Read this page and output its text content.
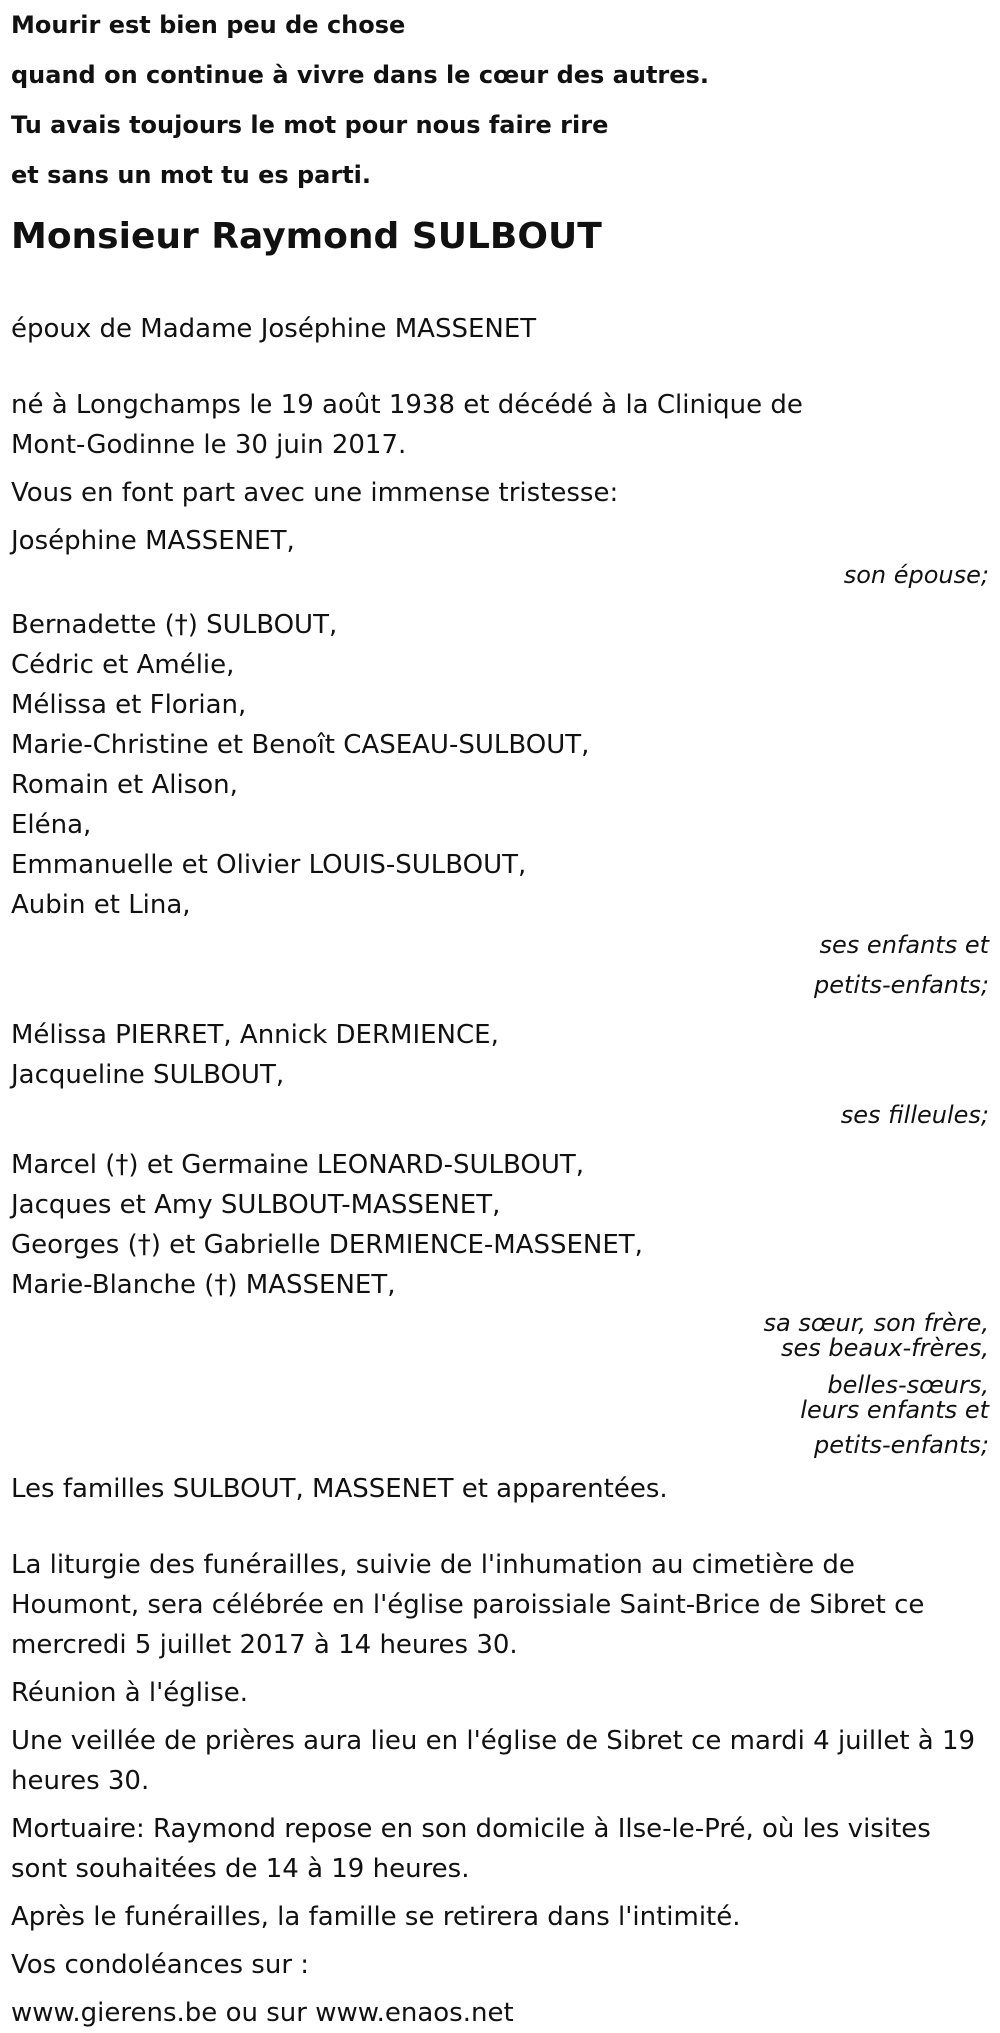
Mourir est bien peu de chose
quand on continue à vivre dans le cœur des autres.
Tu avais toujours le mot pour nous faire rire
et sans un mot tu es parti.
Monsieur Raymond SULBOUT
époux de Madame Joséphine MASSENET
né à Longchamps le 19 août 1938 et décédé à la Clinique de
Mont-Godinne le 30 juin 2017.
Vous en font part avec une immense tristesse:
Joséphine MASSENET,
son épouse;
Bernadette (†) SULBOUT,
Cédric et Amélie,
Mélissa et Florian,
Marie-Christine et Benoît CASEAU-SULBOUT,
Romain et Alison,
Eléna,
Emmanuelle et Olivier LOUIS-SULBOUT,
Aubin et Lina,
ses enfants et
petits-enfants;
Mélissa PIERRET, Annick DERMIENCE,
Jacqueline SULBOUT,
ses filleules;
Marcel (†) et Germaine LEONARD-SULBOUT,
Jacques et Amy SULBOUT-MASSENET,
Georges (†) et Gabrielle DERMIENCE-MASSENET,
Marie-Blanche (†) MASSENET,
sa sœur, son frère,
ses beaux-frères,
belles-sœurs,
leurs enfants et
petits-enfants;
Les familles SULBOUT, MASSENET et apparentées.
La liturgie des funérailles, suivie de l'inhumation au cimetière de
Houmont, sera célébrée en l'église paroissiale Saint-Brice de Sibret ce
mercredi 5 juillet 2017 à 14 heures 30.
Réunion à l'église.
Une veillée de prières aura lieu en l'église de Sibret ce mardi 4 juillet à 19
heures 30.
Mortuaire: Raymond repose en son domicile à Ilse-le-Pré, où les visites
sont souhaitées de 14 à 19 heures.
Après le funérailles, la famille se retirera dans l'intimité.
Vos condoléances sur :
www.gierens.be ou sur www.enaos.net
